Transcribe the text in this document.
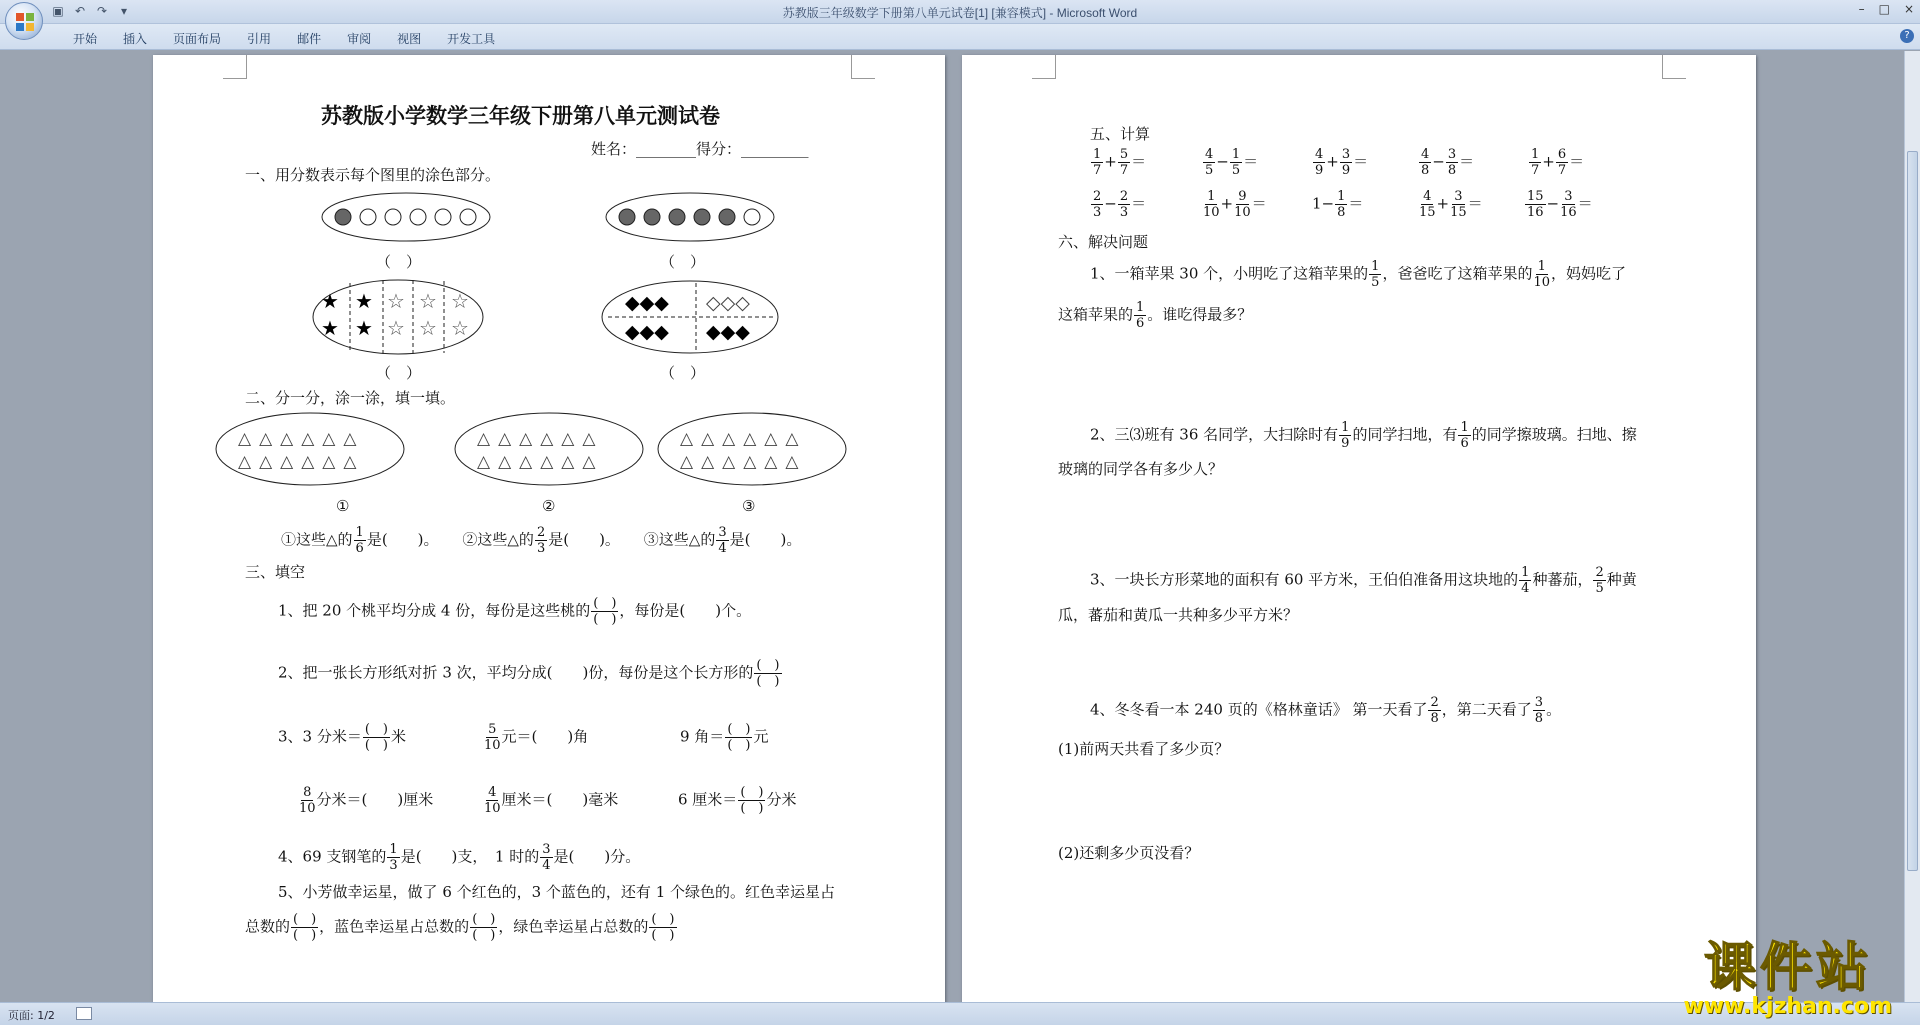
▣ ↶ ↷	▾	苏教版三年级数学下册第八单元试卷[1] [兼容模式] - Microsoft Word	– □ ×
开始	插入	页面布局	引用	邮件	审阅	视图	开发工具	?
苏教版小学数学三年级下册第八单元测试卷
姓名：________得分：_________
一、用分数表示每个图里的涂色部分。
★
★
★
★
☆
☆
☆
☆
☆
☆
◆◆◆ ◇◇◇
◆◆◆ ◆◆◆
△△△△△△
△△△△△△
△△△△△△
△△△△△△
△△△△△△
△△△△△△
（　）	（　）
（　）	（　）
二、分一分，涂一涂，填一填。
①	②	③
①这些△的 $\frac{1}{6}$ 是(　　)。 ②这些△的 $\frac{2}{3}$ 是(　　)。 ③这些△的 $\frac{3}{4}$ 是(　　)。
三、填空
1、把 20 个桃平均分成 4 份，每份是这些桃的 $\frac{( )}{( )}$ ，每份是(　　)个。
2、把一张长方形纸对折 3 次，平均分成(　　)份，每份是这个长方形的 $\frac{( )}{( )}$
3、3 分米＝ $\frac{( )}{( )}$ 米	$\frac{5}{10}$ 元＝(　　)角	9 角＝ $\frac{( )}{( )}$ 元
$\frac{8}{10}$ 分米＝(　　)厘米	$\frac{4}{10}$ 厘米＝(　　)毫米	6 厘米＝ $\frac{( )}{( )}$ 分米
4、69 支钢笔的 $\frac{1}{3}$ 是(　　)支，　1 时的 $\frac{3}{4}$ 是(　　)分。
5、小芳做幸运星，做了 6 个红色的，3 个蓝色的，还有 1 个绿色的。红色幸运星占
总数的 $\frac{( )}{( )}$ ，蓝色幸运星占总数的 $\frac{( )}{( )}$ ，绿色幸运星占总数的 $\frac{( )}{( )}$
五、计算
$\frac{1}{7} + \frac{5}{7}$ ＝	$\frac{4}{5} - \frac{1}{5}$ ＝	$\frac{4}{9} + \frac{3}{9}$ ＝	$\frac{4}{8} - \frac{3}{8}$ ＝	$\frac{1}{7} + \frac{6}{7}$ ＝
$\frac{2}{3} - \frac{2}{3}$ ＝	$\frac{1}{10} + \frac{9}{10}$ ＝	$1- \frac{1}{8}$ ＝	$\frac{4}{15} + \frac{3}{15}$ ＝	$\frac{15}{16} - \frac{3}{16}$ ＝
六、解决问题
1、一箱苹果 30 个，小明吃了这箱苹果的 $\frac{1}{5}$ ，爸爸吃了这箱苹果的 $\frac{1}{10}$ ，妈妈吃了
这箱苹果的 $\frac{1}{6}$ 。谁吃得最多？
2、三⑶班有 36 名同学，大扫除时有 $\frac{1}{9}$ 的同学扫地，有 $\frac{1}{6}$ 的同学擦玻璃。扫地、擦
玻璃的同学各有多少人？
3、一块长方形菜地的面积有 60 平方米，王伯伯准备用这块地的 $\frac{1}{4}$ 种蕃茄， $\frac{2}{5}$ 种黄
瓜，蕃茄和黄瓜一共种多少平方米？
4、冬冬看一本 240 页的《格林童话》 第一天看了 $\frac{2}{8}$ ，第二天看了 $\frac{3}{8}$ 。
(1)前两天共看了多少页？
(2)还剩多少页没看？
页面: 1/2
课件站
www.kjzhan.com
